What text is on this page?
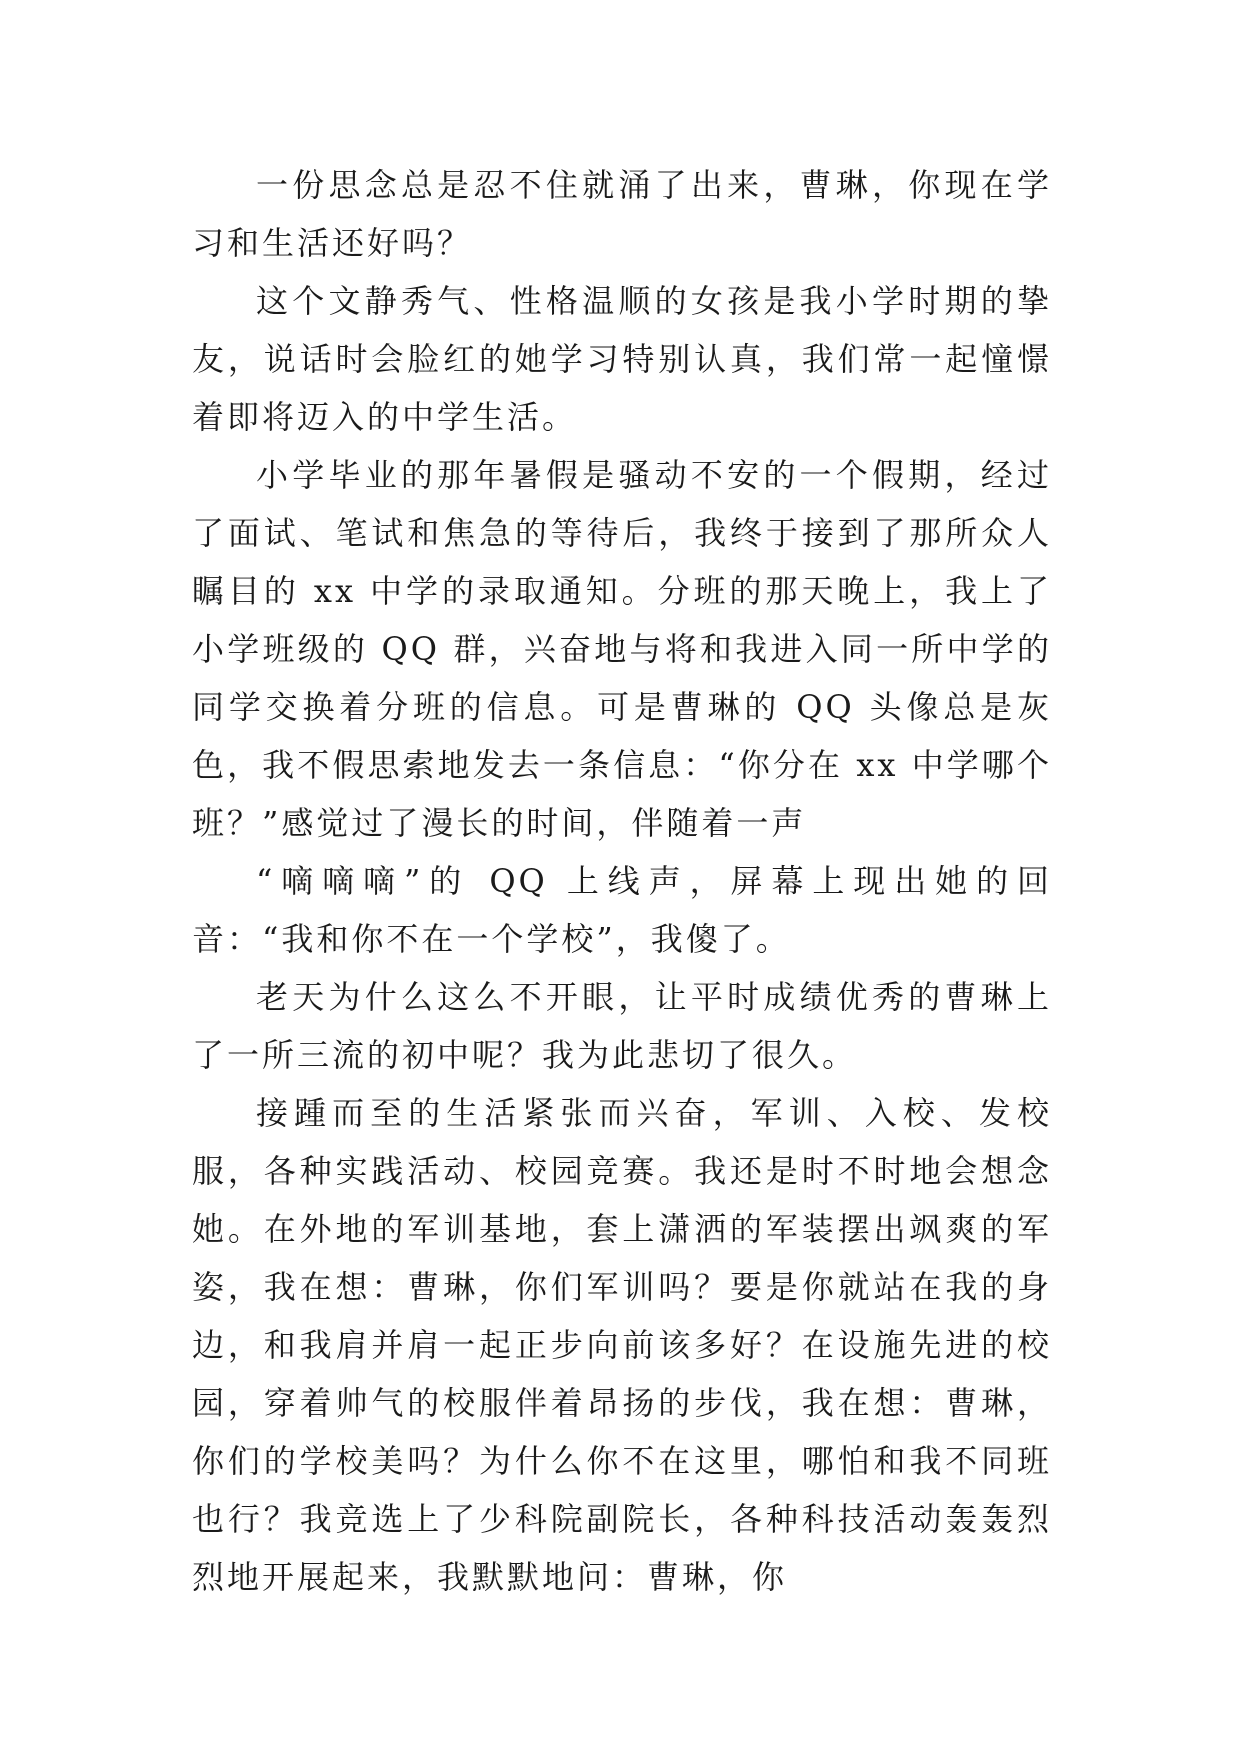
一份思念总是忍不住就涌了出来，曹琳，你现在学习和生活还好吗？

这个文静秀气、性格温顺的女孩是我小学时期的挚友，说话时会脸红的她学习特别认真，我们常一起憧憬着即将迈入的中学生活。

小学毕业的那年暑假是骚动不安的一个假期，经过了面试、笔试和焦急的等待后，我终于接到了那所众人瞩目的 xx 中学的录取通知。分班的那天晚上，我上了小学班级的 QQ 群，兴奋地与将和我进入同一所中学的同学交换着分班的信息。可是曹琳的 QQ 头像总是灰色，我不假思索地发去一条信息：“你分在 xx 中学哪个班？”感觉过了漫长的时间，伴随着一声

“嘀嘀嘀”的 QQ 上线声，屏幕上现出她的回音：“我和你不在一个学校”，我傻了。

老天为什么这么不开眼，让平时成绩优秀的曹琳上了一所三流的初中呢？我为此悲切了很久。

接踵而至的生活紧张而兴奋，军训、入校、发校服，各种实践活动、校园竞赛。我还是时不时地会想念她。在外地的军训基地，套上潇洒的军装摆出飒爽的军姿，我在想：曹琳，你们军训吗？要是你就站在我的身边，和我肩并肩一起正步向前该多好？在设施先进的校园，穿着帅气的校服伴着昂扬的步伐，我在想：曹琳，你们的学校美吗？为什么你不在这里，哪怕和我不同班也行？我竞选上了少科院副院长，各种科技活动轰轰烈烈地开展起来，我默默地问：曹琳，你
